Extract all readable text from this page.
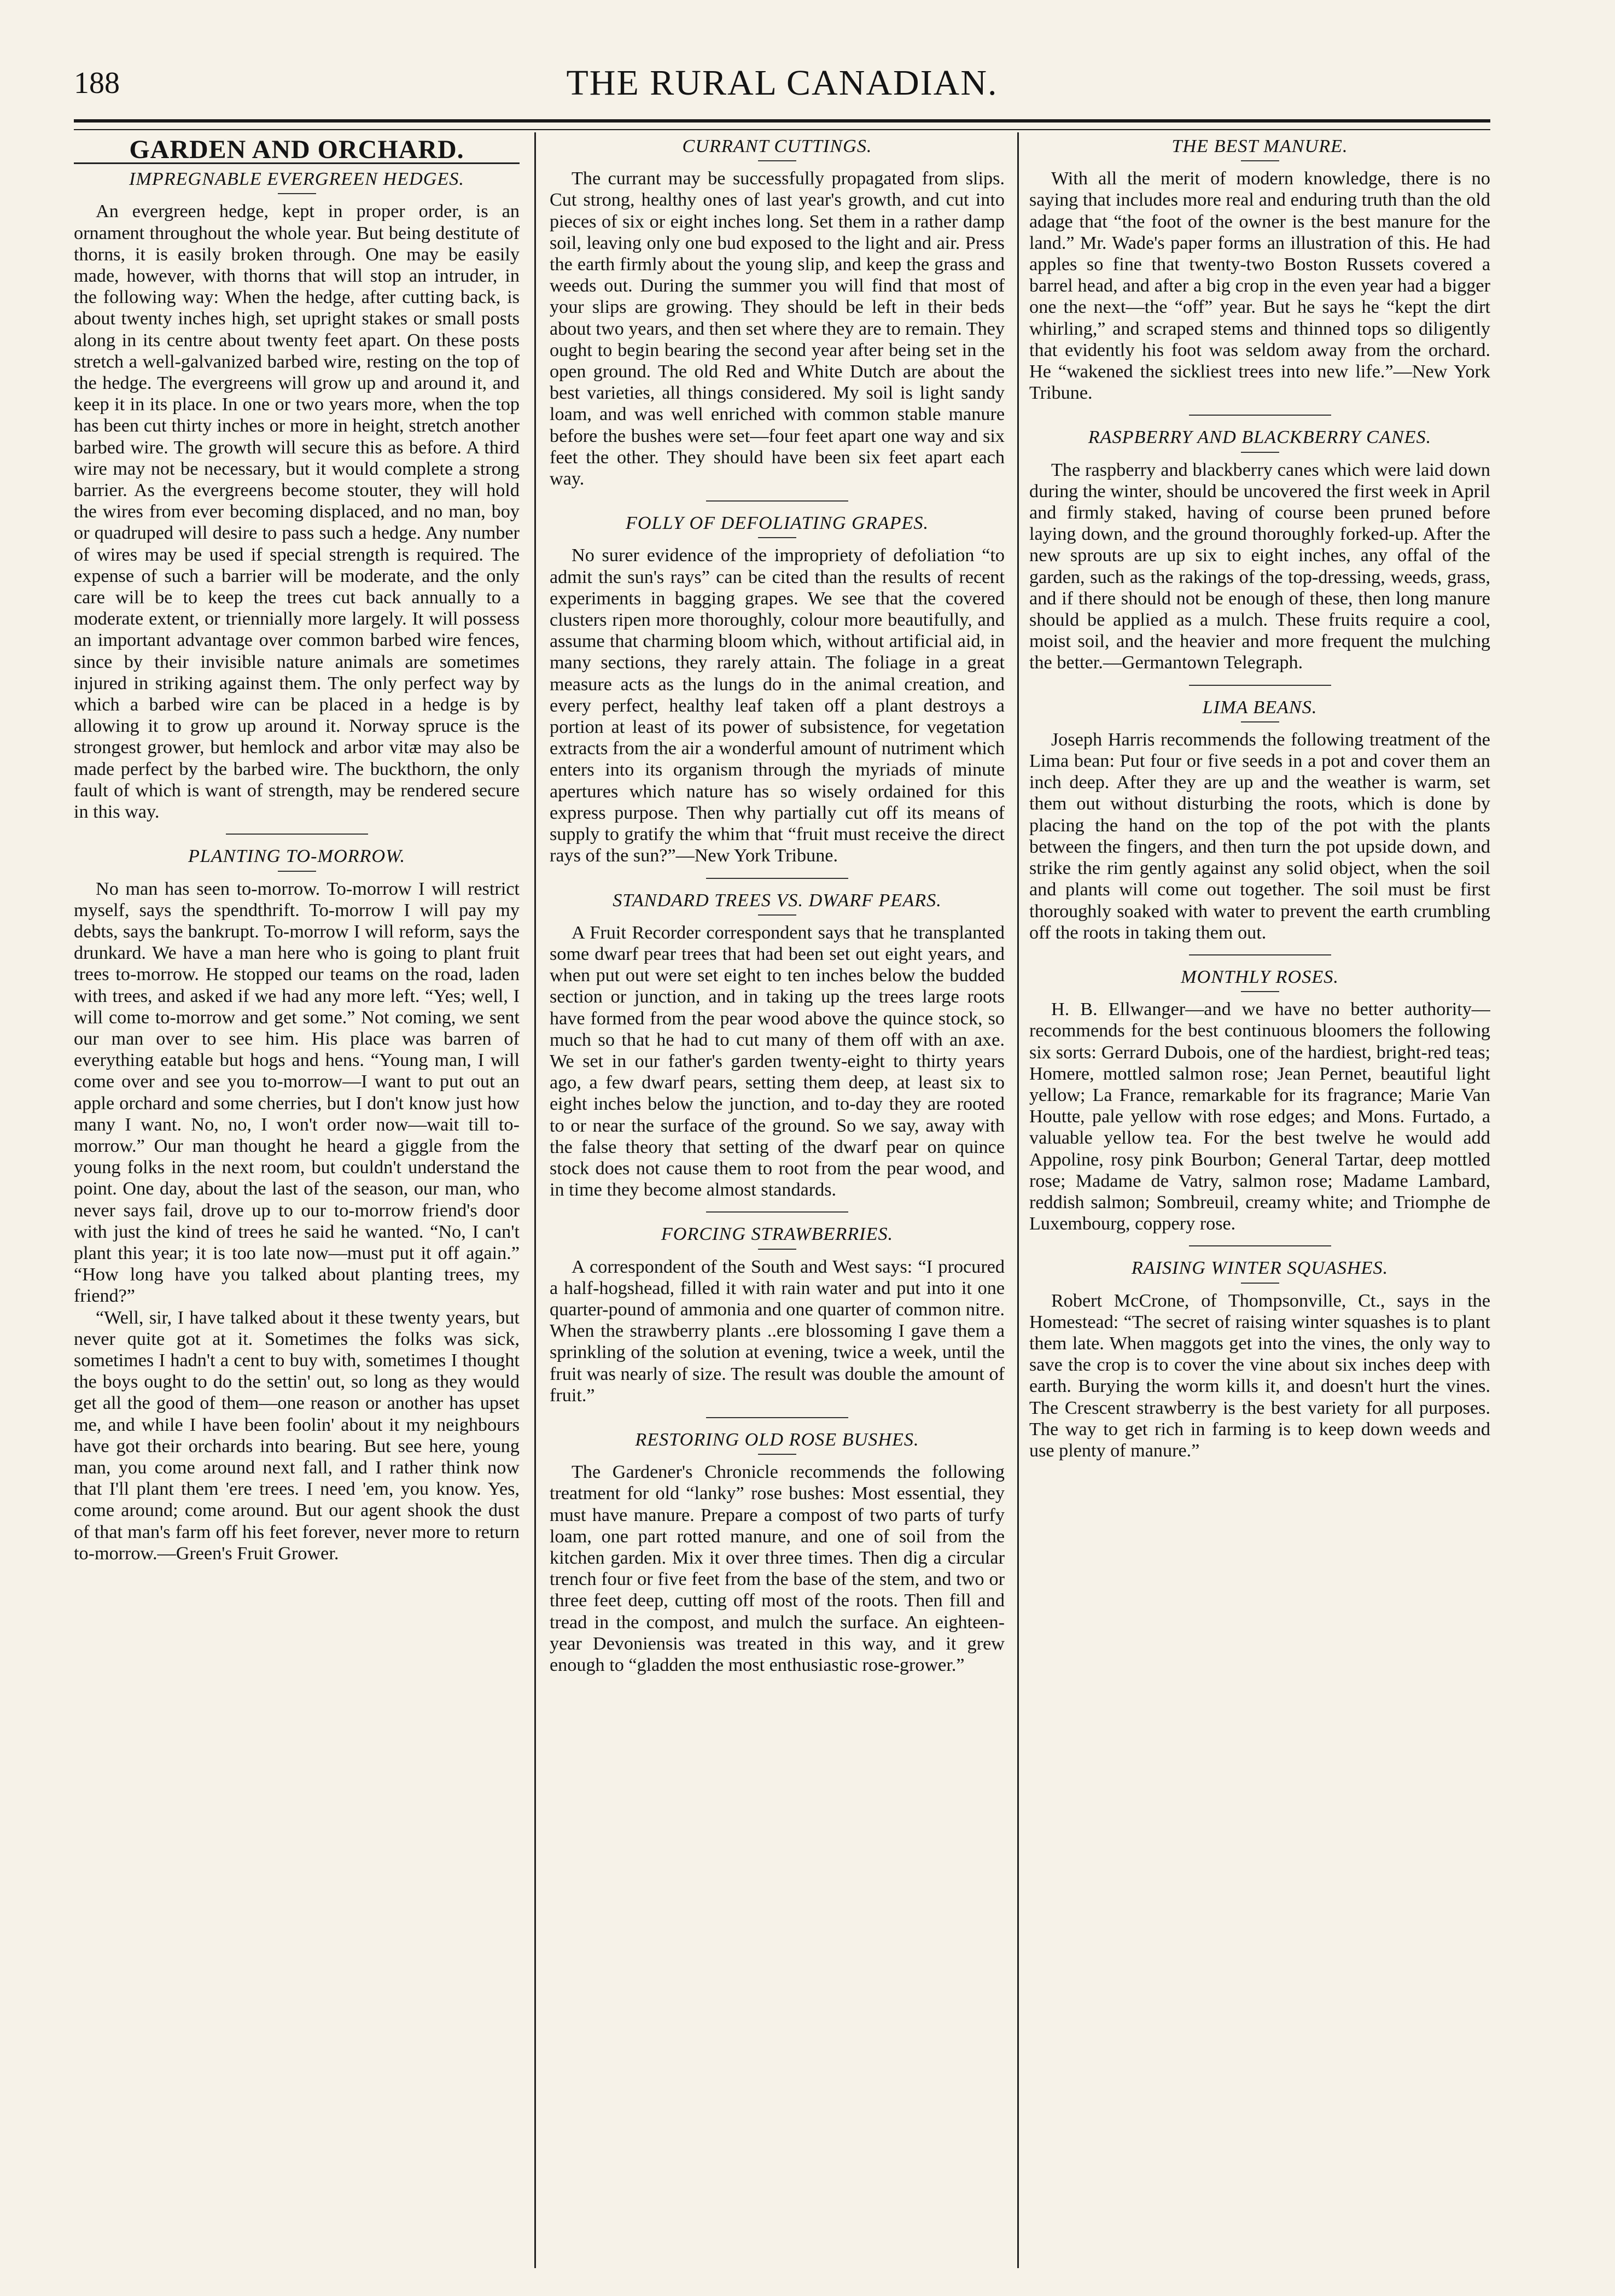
188	THE RURAL CANADIAN.
GARDEN AND ORCHARD.
IMPREGNABLE EVERGREEN HEDGES.

An evergreen hedge, kept in proper order, is an ornament throughout the whole year. But being destitute of thorns, it is easily broken through. One may be easily made, however, with thorns that will stop an intruder, in the following way: When the hedge, after cutting back, is about twenty inches high, set upright stakes or small posts along in its centre about twenty feet apart. On these posts stretch a well-galvanized barbed wire, resting on the top of the hedge. The evergreens will grow up and around it, and keep it in its place. In one or two years more, when the top has been cut thirty inches or more in height, stretch another barbed wire. The growth will secure this as before. A third wire may not be necessary, but it would complete a strong barrier. As the evergreens become stouter, they will hold the wires from ever becoming displaced, and no man, boy or quadruped will desire to pass such a hedge. Any number of wires may be used if special strength is required. The expense of such a barrier will be moderate, and the only care will be to keep the trees cut back annually to a moderate extent, or triennially more largely. It will possess an important advantage over common barbed wire fences, since by their invisible nature animals are sometimes injured in striking against them. The only perfect way by which a barbed wire can be placed in a hedge is by allowing it to grow up around it. Norway spruce is the strongest grower, but hemlock and arbor vitæ may also be made perfect by the barbed wire. The buckthorn, the only fault of which is want of strength, may be rendered secure in this way.

PLANTING TO-MORROW.

No man has seen to-morrow. To-morrow I will restrict myself, says the spendthrift. To-morrow I will pay my debts, says the bankrupt. To-morrow I will reform, says the drunkard. We have a man here who is going to plant fruit trees to-morrow. He stopped our teams on the road, laden with trees, and asked if we had any more left. “Yes; well, I will come to-morrow and get some.” Not coming, we sent our man over to see him. His place was barren of everything eatable but hogs and hens. “Young man, I will come over and see you to-morrow—I want to put out an apple orchard and some cherries, but I don't know just how many I want. No, no, I won't order now—wait till to-morrow.” Our man thought he heard a giggle from the young folks in the next room, but couldn't understand the point. One day, about the last of the season, our man, who never says fail, drove up to our to-morrow friend's door with just the kind of trees he said he wanted. “No, I can't plant this year; it is too late now—must put it off again.” “How long have you talked about planting trees, my friend?”

“Well, sir, I have talked about it these twenty years, but never quite got at it. Sometimes the folks was sick, sometimes I hadn't a cent to buy with, sometimes I thought the boys ought to do the settin' out, so long as they would get all the good of them—one reason or another has upset me, and while I have been foolin' about it my neighbours have got their orchards into bearing. But see here, young man, you come around next fall, and I rather think now that I'll plant them 'ere trees. I need 'em, you know. Yes, come around; come around. But our agent shook the dust of that man's farm off his feet forever, never more to return to-morrow.—Green's Fruit Grower.

CURRANT CUTTINGS.

The currant may be successfully propagated from slips. Cut strong, healthy ones of last year's growth, and cut into pieces of six or eight inches long. Set them in a rather damp soil, leaving only one bud exposed to the light and air. Press the earth firmly about the young slip, and keep the grass and weeds out. During the summer you will find that most of your slips are growing. They should be left in their beds about two years, and then set where they are to remain. They ought to begin bearing the second year after being set in the open ground. The old Red and White Dutch are about the best varieties, all things considered. My soil is light sandy loam, and was well enriched with common stable manure before the bushes were set—four feet apart one way and six feet the other. They should have been six feet apart each way.

FOLLY OF DEFOLIATING GRAPES.

No surer evidence of the impropriety of defoliation “to admit the sun's rays” can be cited than the results of recent experiments in bagging grapes. We see that the covered clusters ripen more thoroughly, colour more beautifully, and assume that charming bloom which, without artificial aid, in many sections, they rarely attain. The foliage in a great measure acts as the lungs do in the animal creation, and every perfect, healthy leaf taken off a plant destroys a portion at least of its power of subsistence, for vegetation extracts from the air a wonderful amount of nutriment which enters into its organism through the myriads of minute apertures which nature has so wisely ordained for this express purpose. Then why partially cut off its means of supply to gratify the whim that “fruit must receive the direct rays of the sun?”—New York Tribune.

STANDARD TREES VS. DWARF PEARS.

A Fruit Recorder correspondent says that he transplanted some dwarf pear trees that had been set out eight years, and when put out were set eight to ten inches below the budded section or junction, and in taking up the trees large roots have formed from the pear wood above the quince stock, so much so that he had to cut many of them off with an axe. We set in our father's garden twenty-eight to thirty years ago, a few dwarf pears, setting them deep, at least six to eight inches below the junction, and to-day they are rooted to or near the surface of the ground. So we say, away with the false theory that setting of the dwarf pear on quince stock does not cause them to root from the pear wood, and in time they become almost standards.

FORCING STRAWBERRIES.

A correspondent of the South and West says: “I procured a half-hogshead, filled it with rain water and put into it one quarter-pound of ammonia and one quarter of common nitre. When the strawberry plants ..ere blossoming I gave them a sprinkling of the solution at evening, twice a week, until the fruit was nearly of size. The result was double the amount of fruit.”

RESTORING OLD ROSE BUSHES.

The Gardener's Chronicle recommends the following treatment for old “lanky” rose bushes: Most essential, they must have manure. Prepare a compost of two parts of turfy loam, one part rotted manure, and one of soil from the kitchen garden. Mix it over three times. Then dig a circular trench four or five feet from the base of the stem, and two or three feet deep, cutting off most of the roots. Then fill and tread in the compost, and mulch the surface. An eighteen-year Devoniensis was treated in this way, and it grew enough to “gladden the most enthusiastic rose-grower.”

THE BEST MANURE.

With all the merit of modern knowledge, there is no saying that includes more real and enduring truth than the old adage that “the foot of the owner is the best manure for the land.” Mr. Wade's paper forms an illustration of this. He had apples so fine that twenty-two Boston Russets covered a barrel head, and after a big crop in the even year had a bigger one the next—the “off” year. But he says he “kept the dirt whirling,” and scraped stems and thinned tops so diligently that evidently his foot was seldom away from the orchard. He “wakened the sickliest trees into new life.”—New York Tribune.

RASPBERRY AND BLACKBERRY CANES.

The raspberry and blackberry canes which were laid down during the winter, should be uncovered the first week in April and firmly staked, having of course been pruned before laying down, and the ground thoroughly forked-up. After the new sprouts are up six to eight inches, any offal of the garden, such as the rakings of the top-dressing, weeds, grass, and if there should not be enough of these, then long manure should be applied as a mulch. These fruits require a cool, moist soil, and the heavier and more frequent the mulching the better.—Germantown Telegraph.

LIMA BEANS.

Joseph Harris recommends the following treatment of the Lima bean: Put four or five seeds in a pot and cover them an inch deep. After they are up and the weather is warm, set them out without disturbing the roots, which is done by placing the hand on the top of the pot with the plants between the fingers, and then turn the pot upside down, and strike the rim gently against any solid object, when the soil and plants will come out together. The soil must be first thoroughly soaked with water to prevent the earth crumbling off the roots in taking them out.

MONTHLY ROSES.

H. B. Ellwanger—and we have no better authority—recommends for the best continuous bloomers the following six sorts: Gerrard Dubois, one of the hardiest, bright-red teas; Homere, mottled salmon rose; Jean Pernet, beautiful light yellow; La France, remarkable for its fragrance; Marie Van Houtte, pale yellow with rose edges; and Mons. Furtado, a valuable yellow tea. For the best twelve he would add Appoline, rosy pink Bourbon; General Tartar, deep mottled rose; Madame de Vatry, salmon rose; Madame Lambard, reddish salmon; Sombreuil, creamy white; and Triomphe de Luxembourg, coppery rose.

RAISING WINTER SQUASHES.

Robert McCrone, of Thompsonville, Ct., says in the Homestead: “The secret of raising winter squashes is to plant them late. When maggots get into the vines, the only way to save the crop is to cover the vine about six inches deep with earth. Burying the worm kills it, and doesn't hurt the vines. The Crescent strawberry is the best variety for all purposes. The way to get rich in farming is to keep down weeds and use plenty of manure.”
